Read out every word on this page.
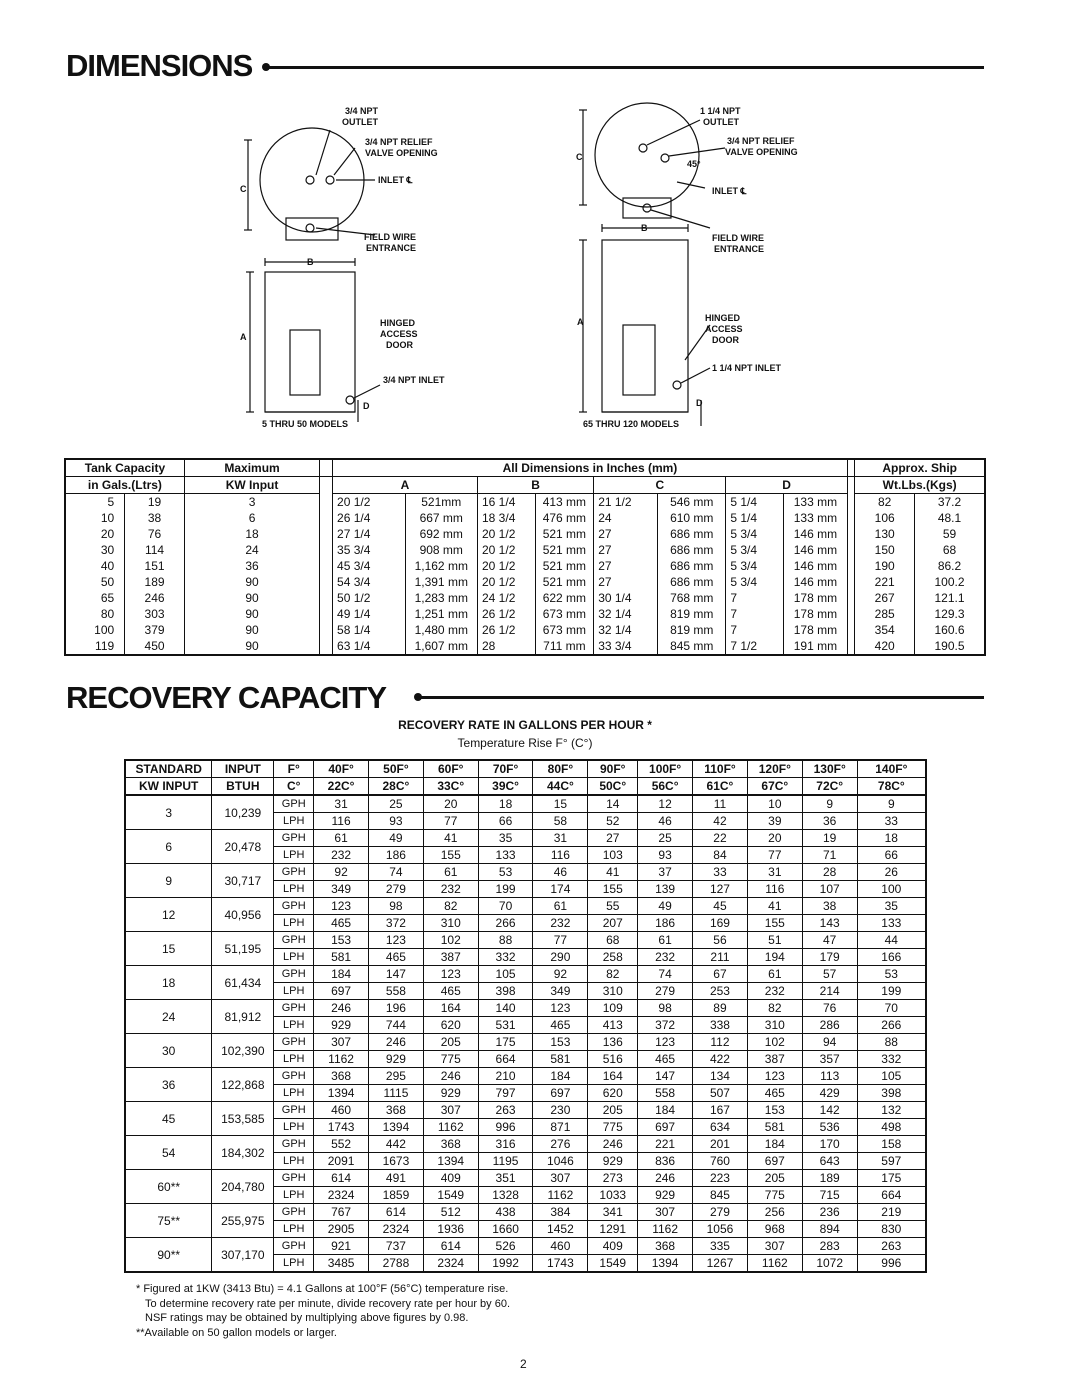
DIMENSIONS
3/4 NPT
OUTLET
3/4 NPT RELIEF
VALVE OPENING
INLET ℄
FIELD WIRE
ENTRANCE
HINGED
ACCESS
DOOR
3/4 NPT INLET
5 THRU 50 MODELS
A
B
C
D
1 1/4 NPT
OUTLET
3/4 NPT RELIEF
VALVE OPENING
45°
INLET ℄
FIELD WIRE
ENTRANCE
HINGED
ACCESS
DOOR
1 1/4 NPT INLET
65 THRU 120 MODELS
A
B
C
D
Tank Capacity		Maximum		All Dimensions in Inches (mm)									Approx. Ship	
in Gals.(Ltrs)		KW Input		A		B		C		D			Wt.Lbs.(Kgs)	
5	19	3		20 1/2	521mm	16 1/4	413 mm	21 1/2	546 mm	5 1/4	133 mm		82	37.2
10	38	6		26 1/4	667 mm	18 3/4	476 mm	24	610 mm	5 1/4	133 mm		106	48.1
20	76	18		27 1/4	692 mm	20 1/2	521 mm	27	686 mm	5 3/4	146 mm		130	59
30	114	24		35 3/4	908 mm	20 1/2	521 mm	27	686 mm	5 3/4	146 mm		150	68
40	151	36		45 3/4	1,162 mm	20 1/2	521 mm	27	686 mm	5 3/4	146 mm		190	86.2
50	189	90		54 3/4	1,391 mm	20 1/2	521 mm	27	686 mm	5 3/4	146 mm		221	100.2
65	246	90		50 1/2	1,283 mm	24 1/2	622 mm	30 1/4	768 mm	7	178 mm		267	121.1
80	303	90		49 1/4	1,251 mm	26 1/2	673 mm	32 1/4	819 mm	7	178 mm		285	129.3
100	379	90		58 1/4	1,480 mm	26 1/2	673 mm	32 1/4	819 mm	7	178 mm		354	160.6
119	450	90		63 1/4	1,607 mm	28	711 mm	33 3/4	845 mm	7 1/2	191 mm		420	190.5
RECOVERY CAPACITY
RECOVERY RATE IN GALLONS PER HOUR *
Temperature Rise F° (C°)
STANDARD	INPUT	F°	40F°	50F°	60F°	70F°	80F°	90F°	100F°	110F°	120F°	130F°	140F°
KW INPUT	BTUH	C°	22C°	28C°	33C°	39C°	44C°	50C°	56C°	61C°	67C°	72C°	78C°
3	10,239	GPH	31	25	20	18	15	14	12	11	10	9	9
		LPH	116	93	77	66	58	52	46	42	39	36	33
6	20,478	GPH	61	49	41	35	31	27	25	22	20	19	18
		LPH	232	186	155	133	116	103	93	84	77	71	66
9	30,717	GPH	92	74	61	53	46	41	37	33	31	28	26
		LPH	349	279	232	199	174	155	139	127	116	107	100
12	40,956	GPH	123	98	82	70	61	55	49	45	41	38	35
		LPH	465	372	310	266	232	207	186	169	155	143	133
15	51,195	GPH	153	123	102	88	77	68	61	56	51	47	44
		LPH	581	465	387	332	290	258	232	211	194	179	166
18	61,434	GPH	184	147	123	105	92	82	74	67	61	57	53
		LPH	697	558	465	398	349	310	279	253	232	214	199
24	81,912	GPH	246	196	164	140	123	109	98	89	82	76	70
		LPH	929	744	620	531	465	413	372	338	310	286	266
30	102,390	GPH	307	246	205	175	153	136	123	112	102	94	88
		LPH	1162	929	775	664	581	516	465	422	387	357	332
36	122,868	GPH	368	295	246	210	184	164	147	134	123	113	105
		LPH	1394	1115	929	797	697	620	558	507	465	429	398
45	153,585	GPH	460	368	307	263	230	205	184	167	153	142	132
		LPH	1743	1394	1162	996	871	775	697	634	581	536	498
54	184,302	GPH	552	442	368	316	276	246	221	201	184	170	158
		LPH	2091	1673	1394	1195	1046	929	836	760	697	643	597
60**	204,780	GPH	614	491	409	351	307	273	246	223	205	189	175
		LPH	2324	1859	1549	1328	1162	1033	929	845	775	715	664
75**	255,975	GPH	767	614	512	438	384	341	307	279	256	236	219
		LPH	2905	2324	1936	1660	1452	1291	1162	1056	968	894	830
90**	307,170	GPH	921	737	614	526	460	409	368	335	307	283	263
		LPH	3485	2788	2324	1992	1743	1549	1394	1267	1162	1072	996
* Figured at 1KW (3413 Btu) = 4.1 Gallons at 100°F (56°C) temperature rise.
To determine recovery rate per minute, divide recovery rate per hour by 60.
NSF ratings may be obtained by multiplying above figures by 0.98.
**Available on 50 gallon models or larger.
2
